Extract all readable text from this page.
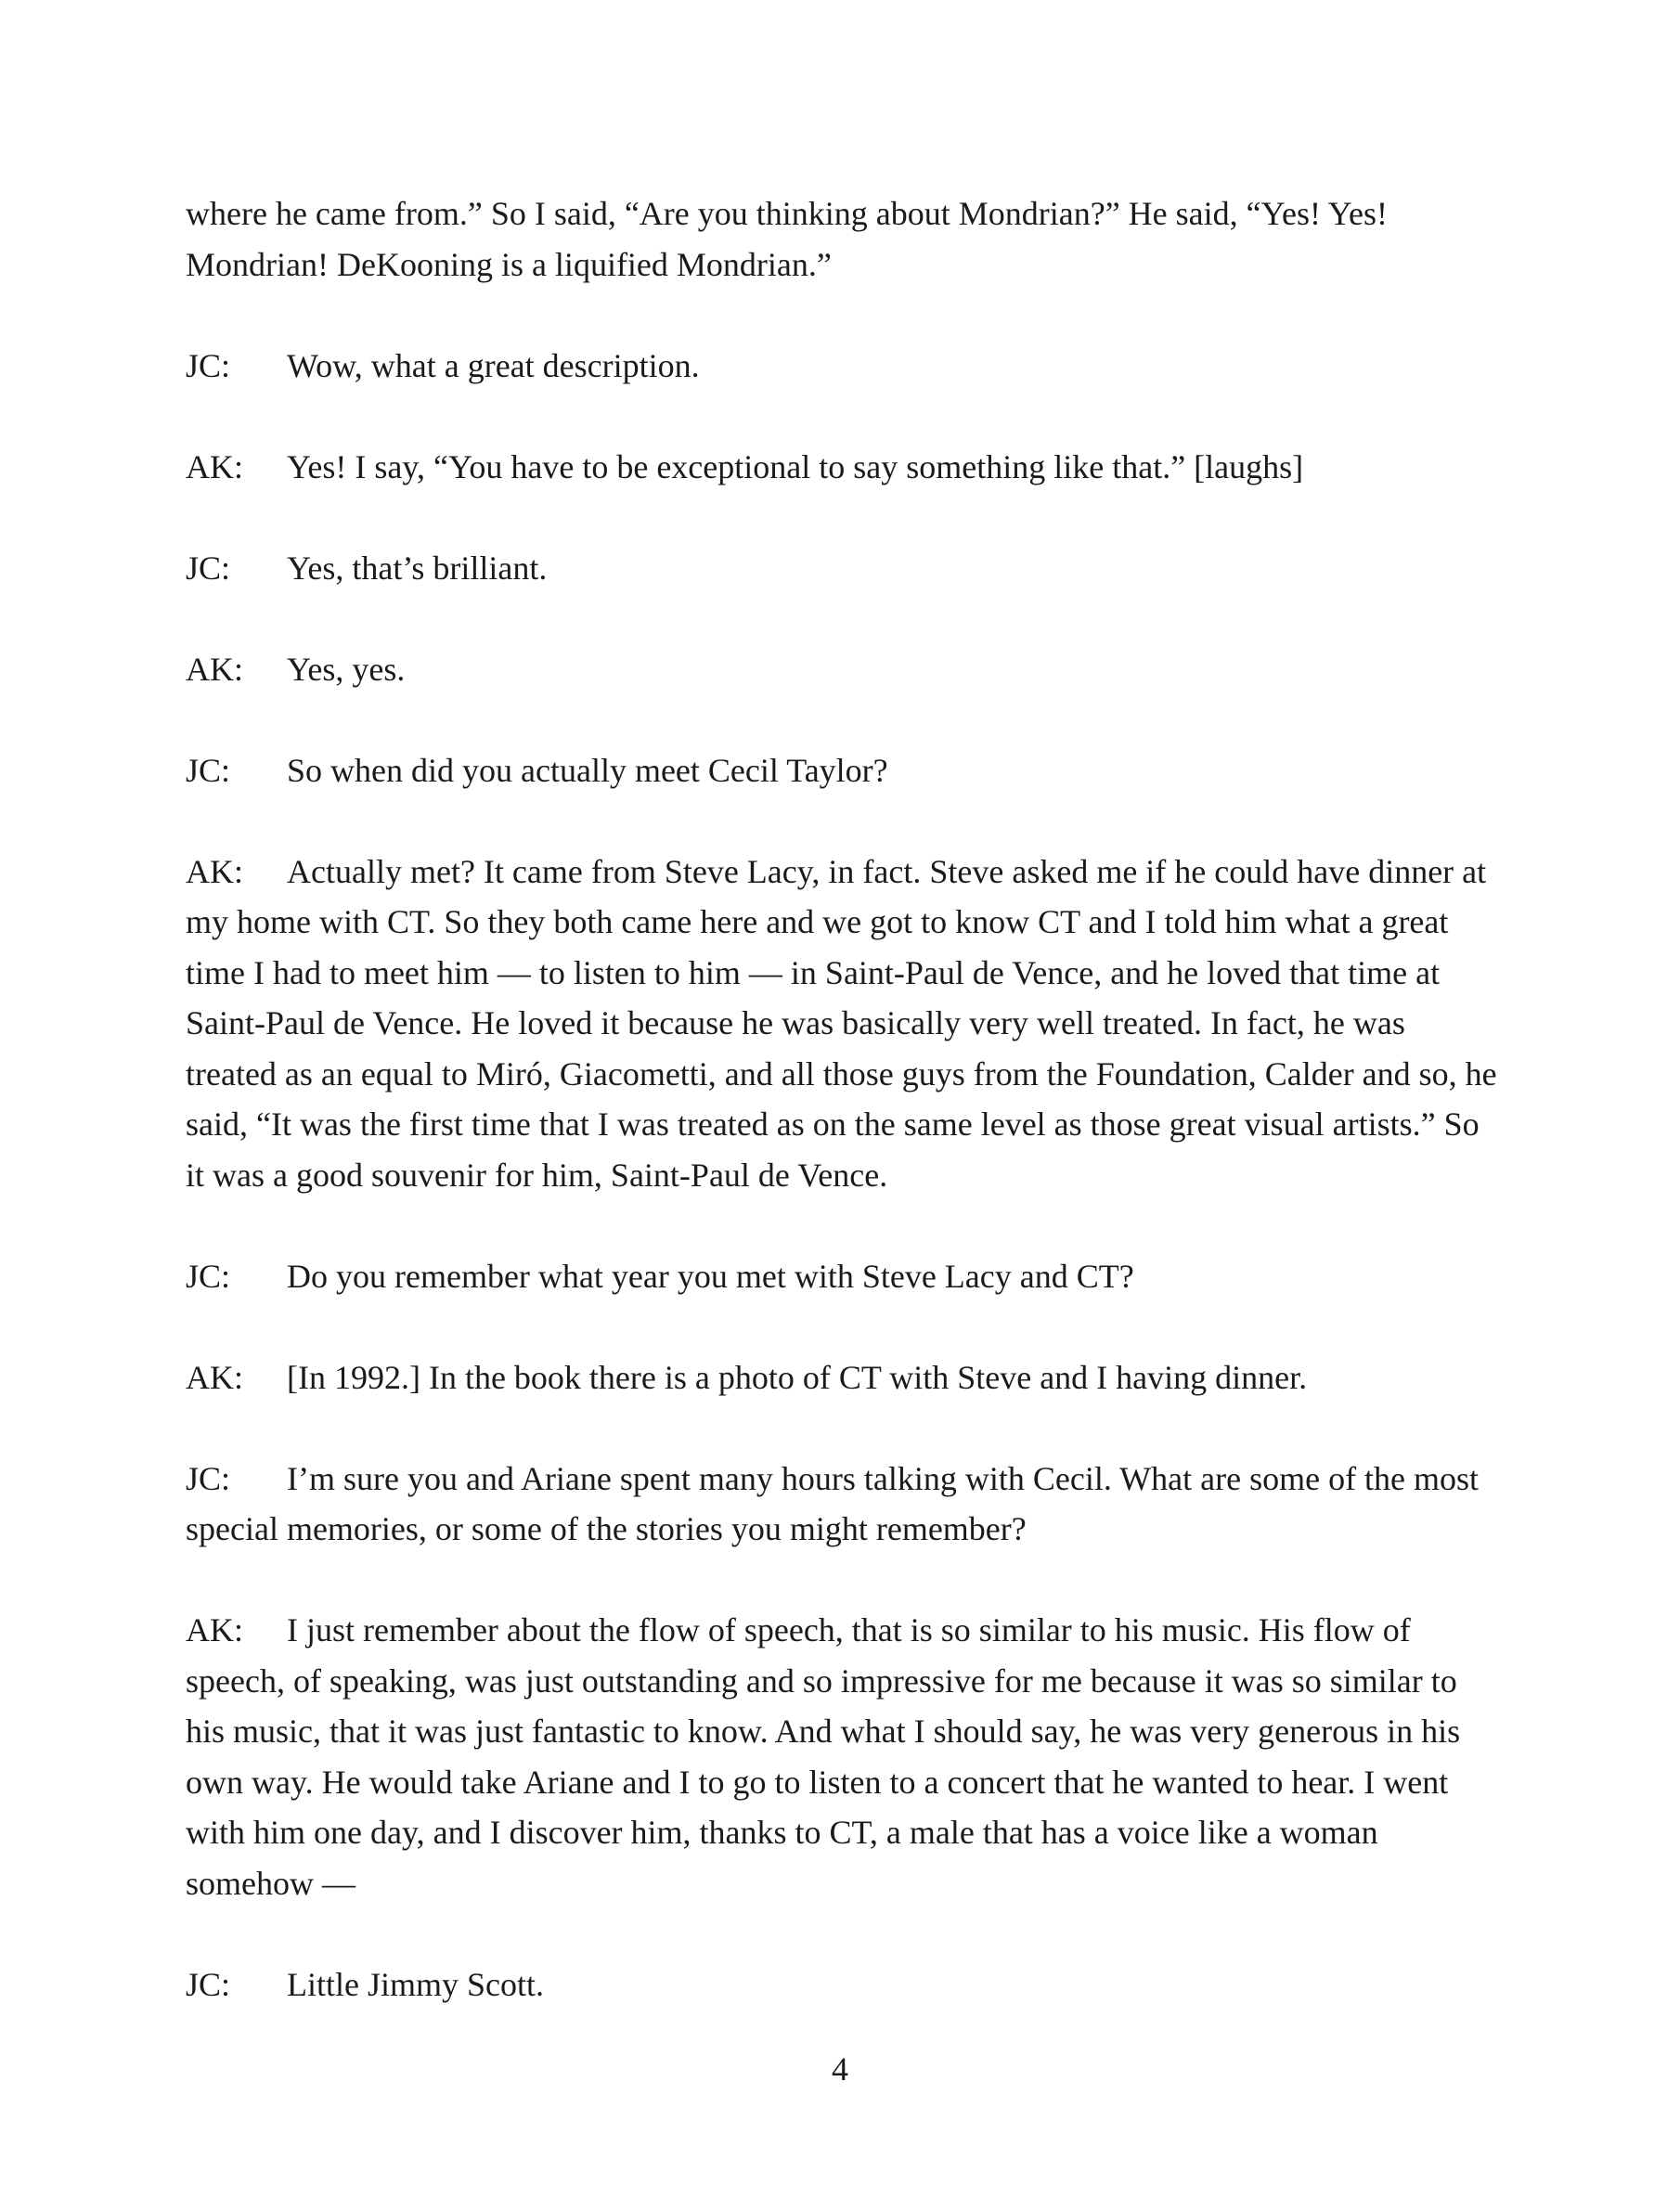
where he came from.” So I said, “Are you thinking about Mondrian?” He said, “Yes! Yes! Mondrian! DeKooning is a liquified Mondrian.”

JC: Wow, what a great description.

AK: Yes! I say, “You have to be exceptional to say something like that.” [laughs]

JC: Yes, that’s brilliant.

AK: Yes, yes.

JC: So when did you actually meet Cecil Taylor?

AK: Actually met? It came from Steve Lacy, in fact. Steve asked me if he could have dinner at my home with CT. So they both came here and we got to know CT and I told him what a great time I had to meet him — to listen to him — in Saint-Paul de Vence, and he loved that time at Saint-Paul de Vence. He loved it because he was basically very well treated. In fact, he was treated as an equal to Miró, Giacometti, and all those guys from the Foundation, Calder and so, he said, “It was the first time that I was treated as on the same level as those great visual artists.” So it was a good souvenir for him, Saint-Paul de Vence.

JC: Do you remember what year you met with Steve Lacy and CT?

AK: [In 1992.] In the book there is a photo of CT with Steve and I having dinner.

JC: I’m sure you and Ariane spent many hours talking with Cecil. What are some of the most special memories, or some of the stories you might remember?

AK: I just remember about the flow of speech, that is so similar to his music. His flow of speech, of speaking, was just outstanding and so impressive for me because it was so similar to his music, that it was just fantastic to know. And what I should say, he was very generous in his own way. He would take Ariane and I to go to listen to a concert that he wanted to hear. I went with him one day, and I discover him, thanks to CT, a male that has a voice like a woman somehow —

JC: Little Jimmy Scott.

4
